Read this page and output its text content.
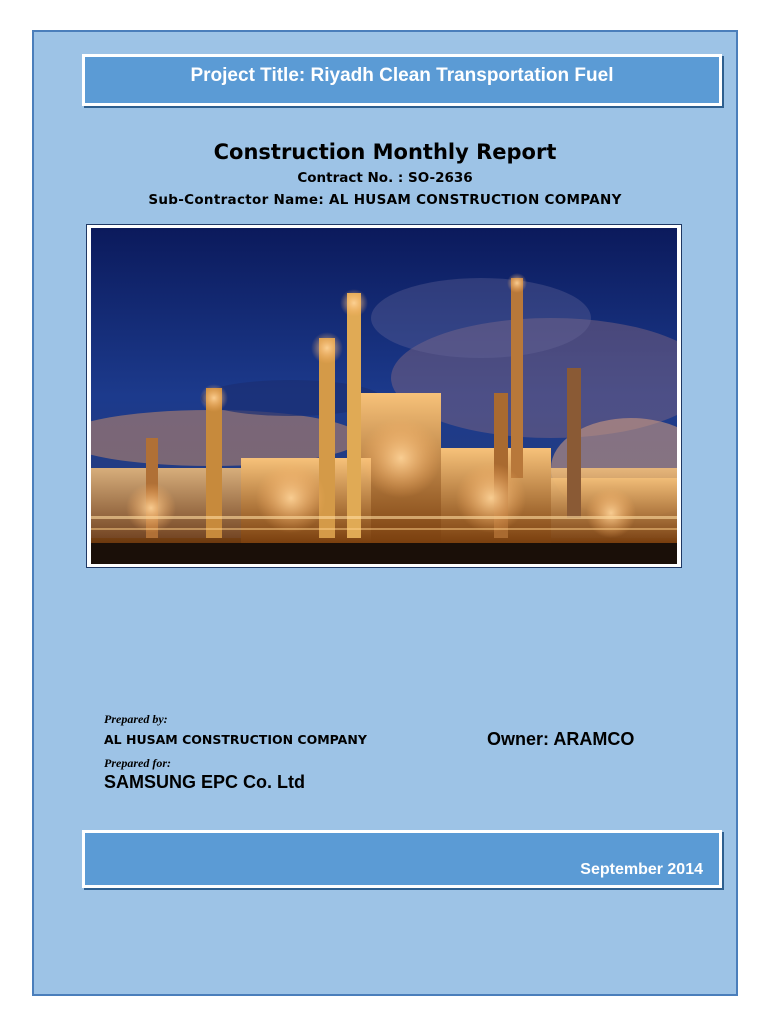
Project Title: Riyadh Clean Transportation Fuel
Construction Monthly Report
Contract No. : SO-2636
Sub-Contractor Name: AL HUSAM CONSTRUCTION COMPANY
Prepared by:
AL HUSAM CONSTRUCTION COMPANY	Owner: ARAMCO
Prepared for:
SAMSUNG EPC Co. Ltd
September 2014
